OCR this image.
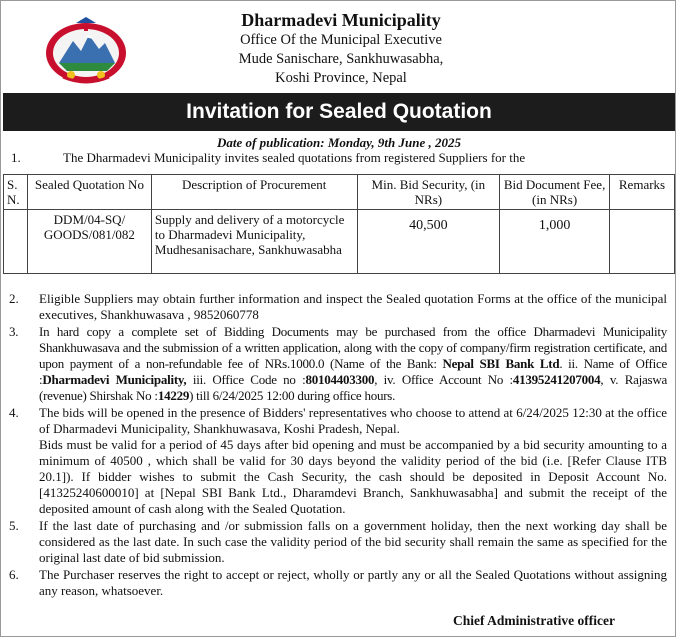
Dharmadevi Municipality
Office Of the Municipal Executive
Mude Sanischare, Sankhuwasabha,
Koshi Province, Nepal
Invitation for Sealed Quotation
Date of publication: Monday, 9th June , 2025
1.	The Dharmadevi Municipality invites sealed quotations from registered Suppliers for the
S. N.	Sealed Quotation No	Description of Procurement	Min. Bid Security, (in NRs)	Bid Document Fee, (in NRs)	Remarks
	DDM/04-SQ/ GOODS/081/082	Supply and delivery of a motorcycle to Dharmadevi Municipality, Mudhesanisachare, Sankhuwasabha	40,500	1,000	
2. Eligible Suppliers may obtain further information and inspect the Sealed quotation Forms at the office of the municipal executives, Shankhuwasava , 9852060778
3. In hard copy a complete set of Bidding Documents may be purchased from the office Dharmadevi Municipality Shankhuwasava and the submission of a written application, along with the copy of company/firm registration certificate, and upon payment of a non-refundable fee of NRs.1000.0 (Name of the Bank: Nepal SBI Bank Ltd. ii. Name of Office :Dharmadevi Municipality, iii. Office Code no :80104403300, iv. Office Account No :41395241207004, v. Rajaswa (revenue) Shirshak No :14229) till 6/24/2025 12:00 during office hours.
4. The bids will be opened in the presence of Bidders' representatives who choose to attend at 6/24/2025 12:30 at the office of Dharmadevi Municipality, Shankhuwasava, Koshi Pradesh, Nepal.
Bids must be valid for a period of 45 days after bid opening and must be accompanied by a bid security amounting to a minimum of 40500 , which shall be valid for 30 days beyond the validity period of the bid (i.e. [Refer Clause ITB 20.1]). If bidder wishes to submit the Cash Security, the cash should be deposited in Deposit Account No. [41325240600010] at [Nepal SBI Bank Ltd., Dharamdevi Branch, Sankhuwasabha] and submit the receipt of the deposited amount of cash along with the Sealed Quotation.
5. If the last date of purchasing and /or submission falls on a government holiday, then the next working day shall be considered as the last date. In such case the validity period of the bid security shall remain the same as specified for the original last date of bid submission.
6. The Purchaser reserves the right to accept or reject, wholly or partly any or all the Sealed Quotations without assigning any reason, whatsoever.
Chief Administrative officer
